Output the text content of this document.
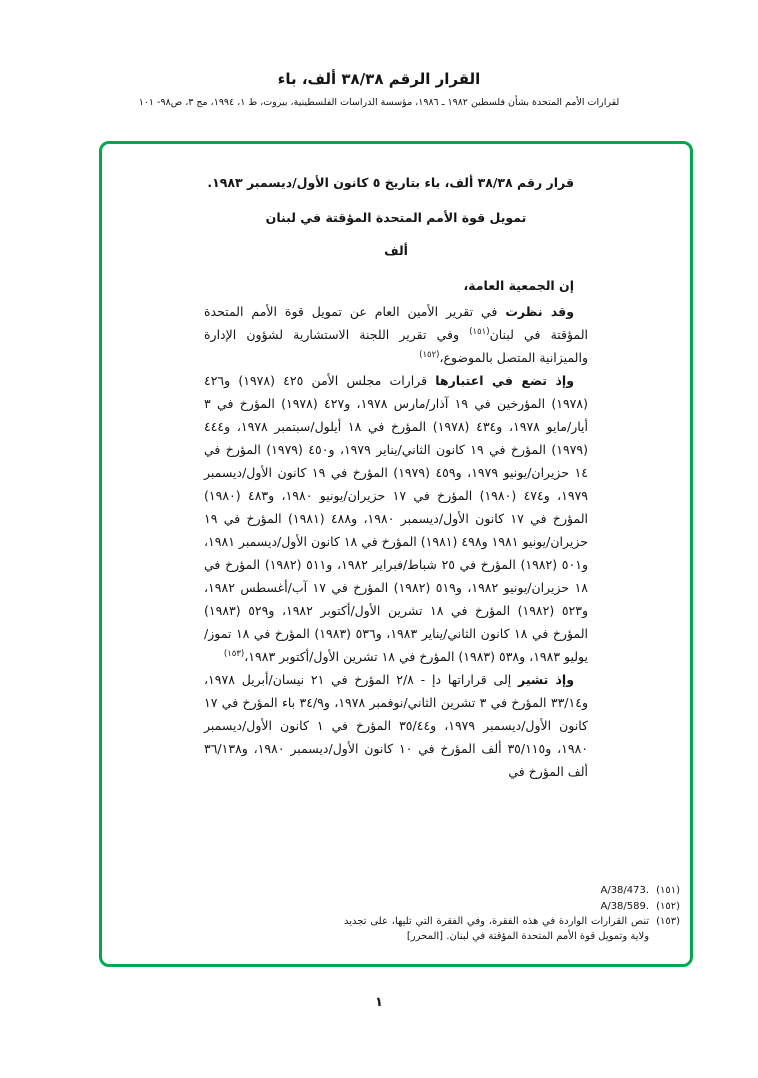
القرار الرقم ٣٨/٣٨ ألف، باء
لقرارات الأمم المتحدة بشأن فلسطين ١٩٨٢ ـ ١٩٨٦، مؤسسة الدراسات الفلسطينية، بيروت، ط ١، ١٩٩٤، مج ٣، ص٩٨- ١٠١
قرار رقم ٣٨/٣٨ ألف، باء بتاريخ ٥ كانون الأول/ديسمبر ١٩٨٣.
تمويل قوة الأمم المتحدة المؤقتة في لبنان
ألف

إن الجمعية العامة،

وقد نظرت في تقرير الأمين العام عن تمويل قوة الأمم المتحدة المؤقتة في لبنان$^{(١٥١)}$ وفي تقرير اللجنة الاستشارية لشؤون الإدارة والميزانية المتصل بالموضوع،$^{(١٥٢)}$

وإذ تضع في اعتبارها قرارات مجلس الأمن ٤٢٥ (١٩٧٨) و٤٢٦ (١٩٧٨) المؤرخين في ١٩ آذار/مارس ١٩٧٨، و٤٢٧ (١٩٧٨) المؤرخ في ٣ أيار/مايو ١٩٧٨، و٤٣٤ (١٩٧٨) المؤرخ في ١٨ أيلول/سبتمبر ١٩٧٨، و٤٤٤ (١٩٧٩) المؤرخ في ١٩ كانون الثاني/يناير ١٩٧٩، و٤٥٠ (١٩٧٩) المؤرخ في ١٤ حزيران/يونيو ١٩٧٩، و٤٥٩ (١٩٧٩) المؤرخ في ١٩ كانون الأول/ديسمبر ١٩٧٩، و٤٧٤ (١٩٨٠) المؤرخ في ١٧ حزيران/يونيو ١٩٨٠، و٤٨٣ (١٩٨٠) المؤرخ في ١٧ كانون الأول/ديسمبر ١٩٨٠، و٤٨٨ (١٩٨١) المؤرخ في ١٩ حزيران/يونيو ١٩٨١ و٤٩٨ (١٩٨١) المؤرخ في ١٨ كانون الأول/ديسمبر ١٩٨١، و٥٠١ (١٩٨٢) المؤرخ في ٢٥ شباط/فبراير ١٩٨٢، و٥١١ (١٩٨٢) المؤرخ في ١٨ حزيران/يونيو ١٩٨٢، و٥١٩ (١٩٨٢) المؤرخ في ١٧ آب/أغسطس ١٩٨٢، و٥٢٣ (١٩٨٢) المؤرخ في ١٨ تشرين الأول/أكتوبر ١٩٨٢، و٥٢٩ (١٩٨٣) المؤرخ في ١٨ كانون الثاني/يناير ١٩٨٣، و٥٣٦ (١٩٨٣) المؤرخ في ١٨ تموز/يوليو ١٩٨٣، و٥٣٨ (١٩٨٣) المؤرخ في ١٨ تشرين الأول/أكتوبر ١٩٨٣،$^{(١٥٣)}$

وإذ تشير إلى قراراتها دإ - ٢/٨ المؤرخ في ٢١ نيسان/أبريل ١٩٧٨، و٣٣/١٤ المؤرخ في ٣ تشرين الثاني/نوفمبر ١٩٧٨، و٣٤/٩ باء المؤرخ في ١٧ كانون الأول/ديسمبر ١٩٧٩، و٣٥/٤٤ المؤرخ في ١ كانون الأول/ديسمبر ١٩٨٠، و٣٥/١١٥ ألف المؤرخ في ١٠ كانون الأول/ديسمبر ١٩٨٠، و٣٦/١٣٨ ألف المؤرخ في

(١٥١)
A/38/473.
(١٥٢)
A/38/589.
(١٥٣)
تنص القرارات الواردة في هذه الفقرة، وفي الفقرة التي تليها، على تجديد ولاية وتمويل قوة الأمم المتحدة المؤقتة في لبنان. [المحرر]
١
